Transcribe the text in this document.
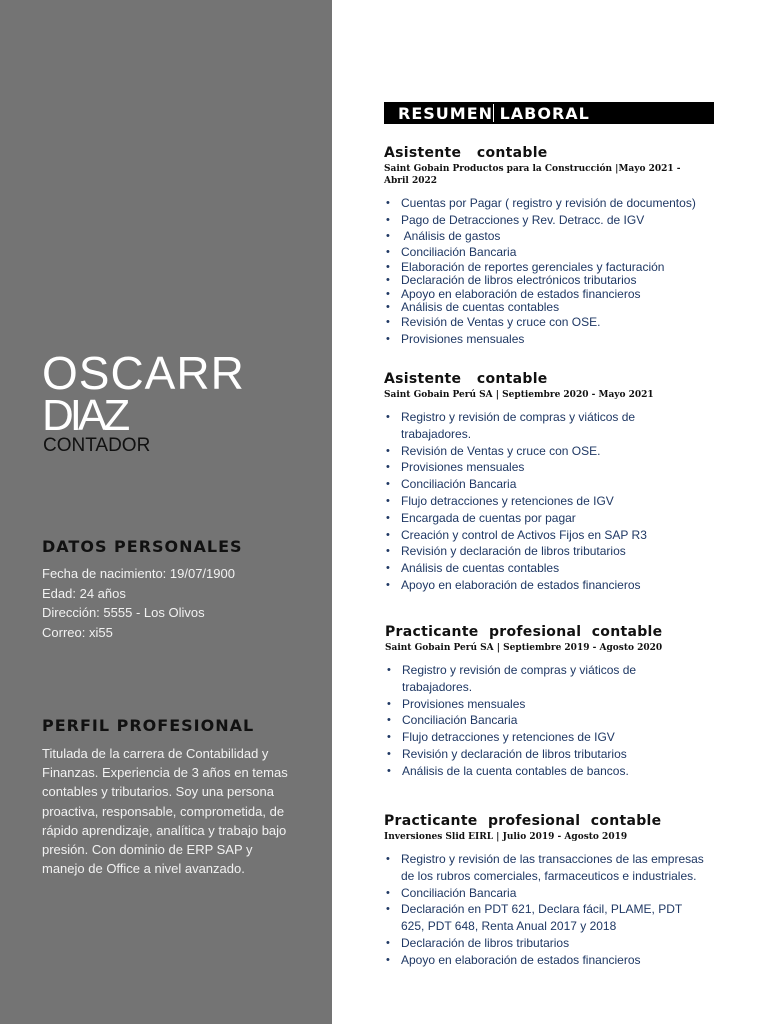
OSCARR
DIAZ
CONTADOR
DATOS PERSONALES
Fecha de nacimiento: 19/07/1900
Edad: 24 años
Dirección: 5555 - Los Olivos
Correo: xi55
PERFIL PROFESIONAL
Titulada de la carrera de Contabilidad y Finanzas. Experiencia de 3 años en temas contables y tributarios. Soy una persona proactiva, responsable, comprometida, de rápido aprendizaje, analítica y trabajo bajo presión. Con dominio de ERP SAP y manejo de Office a nivel avanzado.
RESUMEN LABORAL
Asistente   contable
Saint Gobain Productos para la Construcción |Mayo 2021 - Abril 2022
• Cuentas por Pagar ( registro y revisión de documentos)
• Pago de Detracciones y Rev. Detracc. de IGV
•  Análisis de gastos
• Conciliación Bancaria
• Elaboración de reportes gerenciales y facturación
• Declaración de libros electrónicos tributarios
• Apoyo en elaboración de estados financieros
• Análisis de cuentas contables
• Revisión de Ventas y cruce con OSE.
• Provisiones mensuales
Asistente   contable
Saint Gobain Perú SA | Septiembre 2020 - Mayo 2021
• Registro y revisión de compras y viáticos de trabajadores.
• Revisión de Ventas y cruce con OSE.
• Provisiones mensuales
• Conciliación Bancaria
• Flujo detracciones y retenciones de IGV
• Encargada de cuentas por pagar
• Creación y control de Activos Fijos en SAP R3
• Revisión y declaración de libros tributarios
• Análisis de cuentas contables
• Apoyo en elaboración de estados financieros
Practicante  profesional  contable
Saint Gobain Perú SA | Septiembre 2019 - Agosto 2020
• Registro y revisión de compras y viáticos de trabajadores.
• Provisiones mensuales
• Conciliación Bancaria
• Flujo detracciones y retenciones de IGV
• Revisión y declaración de libros tributarios
• Análisis de la cuenta contables de bancos.
Practicante  profesional  contable
Inversiones Slid EIRL | Julio 2019 - Agosto 2019
• Registro y revisión de las transacciones de las empresas de los rubros comerciales, farmaceuticos e industriales.
• Conciliación Bancaria
• Declaración en PDT 621, Declara fácil, PLAME, PDT 625, PDT 648, Renta Anual 2017 y 2018
• Declaración de libros tributarios
• Apoyo en elaboración de estados financieros
